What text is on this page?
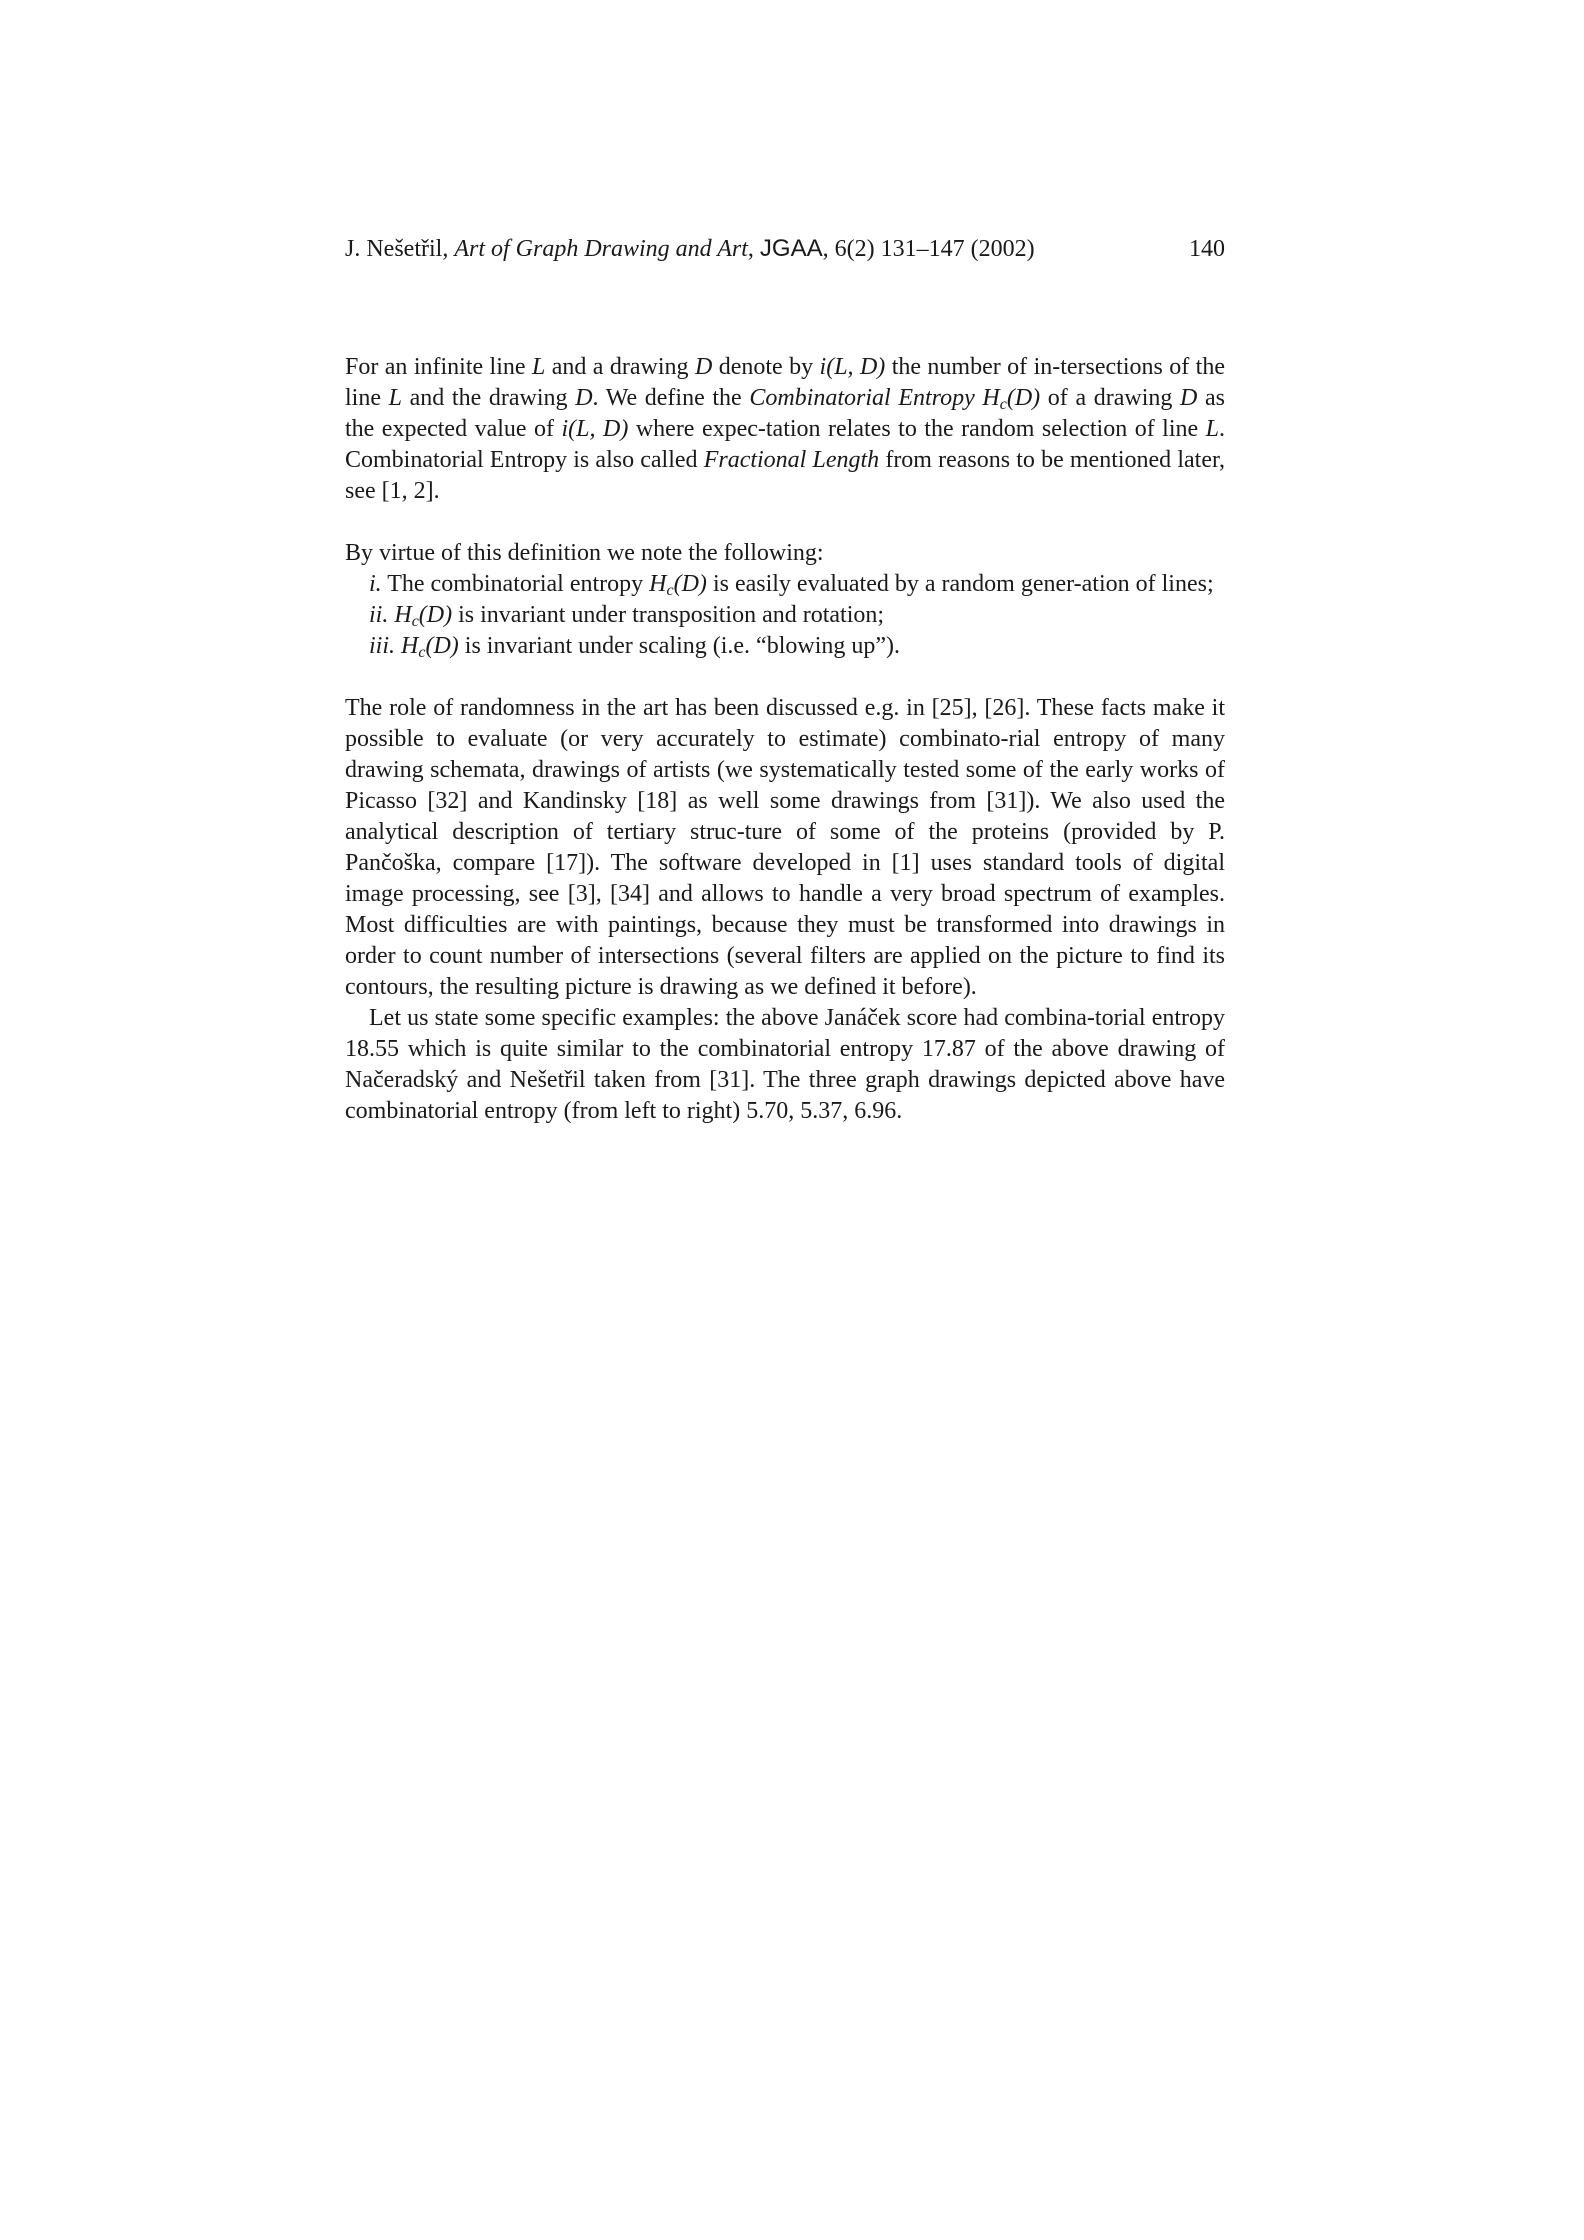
J. Nešetřil, Art of Graph Drawing and Art, JGAA, 6(2) 131–147 (2002)	140

For an infinite line L and a drawing D denote by i(L, D) the number of in-tersections of the line L and the drawing D. We define the Combinatorial Entropy $H_c(D)$ of a drawing D as the expected value of i(L, D) where expec-tation relates to the random selection of line L. Combinatorial Entropy is also called Fractional Length from reasons to be mentioned later, see [1, 2].

By virtue of this definition we note the following:

i. The combinatorial entropy $H_c(D)$ is easily evaluated by a random gener-ation of lines;

ii. $H_c(D)$ is invariant under transposition and rotation;

iii. $H_c(D)$ is invariant under scaling (i.e. “blowing up”).

The role of randomness in the art has been discussed e.g. in [25], [26]. These facts make it possible to evaluate (or very accurately to estimate) combinato-rial entropy of many drawing schemata, drawings of artists (we systematically tested some of the early works of Picasso [32] and Kandinsky [18] as well some drawings from [31]). We also used the analytical description of tertiary struc-ture of some of the proteins (provided by P. Pančoška, compare [17]). The software developed in [1] uses standard tools of digital image processing, see [3], [34] and allows to handle a very broad spectrum of examples. Most difficulties are with paintings, because they must be transformed into drawings in order to count number of intersections (several filters are applied on the picture to find its contours, the resulting picture is drawing as we defined it before).

Let us state some specific examples: the above Janáček score had combina-torial entropy 18.55 which is quite similar to the combinatorial entropy 17.87 of the above drawing of Načeradský and Nešetřil taken from [31]. The three graph drawings depicted above have combinatorial entropy (from left to right) 5.70, 5.37, 6.96.
